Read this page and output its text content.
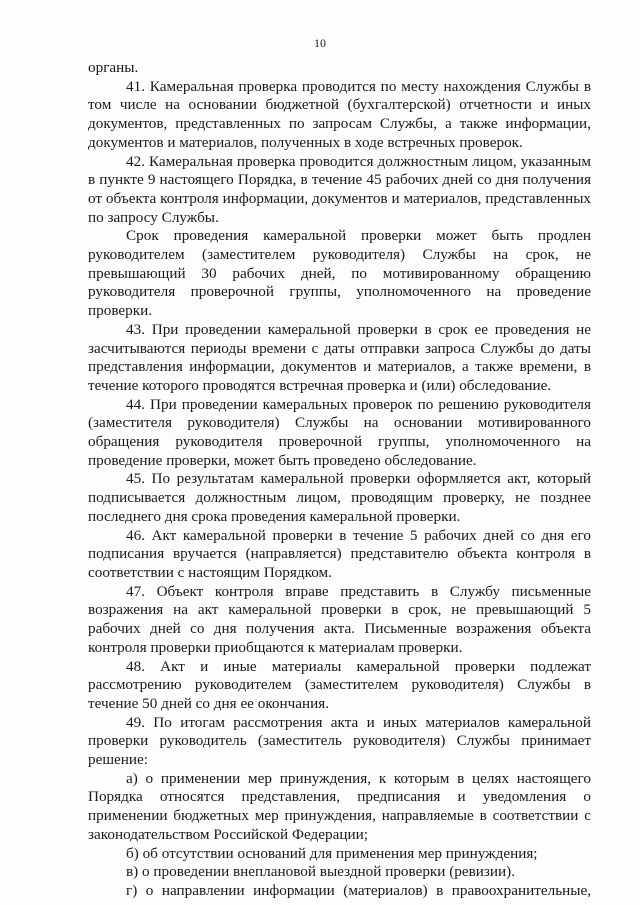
10

органы.

41. Камеральная проверка проводится по месту нахождения Службы в том числе на основании бюджетной (бухгалтерской) отчетности и иных документов, представленных по запросам Службы, а также информации, документов и материалов, полученных в ходе встречных проверок.

42. Камеральная проверка проводится должностным лицом, указанным в пункте 9 настоящего Порядка, в течение 45 рабочих дней со дня получения от объекта контроля информации, документов и материалов, представленных по запросу Службы.

Срок проведения камеральной проверки может быть продлен руководителем (заместителем руководителя) Службы на срок, не превышающий 30 рабочих дней, по мотивированному обращению руководителя проверочной группы, уполномоченного на проведение проверки.

43. При проведении камеральной проверки в срок ее проведения не засчитываются периоды времени с даты отправки запроса Службы до даты представления информации, документов и материалов, а также времени, в течение которого проводятся встречная проверка и (или) обследование.

44. При проведении камеральных проверок по решению руководителя (заместителя руководителя) Службы на основании мотивированного обращения руководителя проверочной группы, уполномоченного на проведение проверки, может быть проведено обследование.

45. По результатам камеральной проверки оформляется акт, который подписывается должностным лицом, проводящим проверку, не позднее последнего дня срока проведения камеральной проверки.

46. Акт камеральной проверки в течение 5 рабочих дней со дня его подписания вручается (направляется) представителю объекта контроля в соответствии с настоящим Порядком.

47. Объект контроля вправе представить в Службу письменные возражения на акт камеральной проверки в срок, не превышающий 5 рабочих дней со дня получения акта. Письменные возражения объекта контроля проверки приобщаются к материалам проверки.

48. Акт и иные материалы камеральной проверки подлежат рассмотрению руководителем (заместителем руководителя) Службы в течение 50 дней со дня ее окончания.

49. По итогам рассмотрения акта и иных материалов камеральной проверки руководитель (заместитель руководителя) Службы принимает решение:

а) о применении мер принуждения, к которым в целях настоящего Порядка относятся представления, предписания и уведомления о применении бюджетных мер принуждения, направляемые в соответствии с законодательством Российской Федерации;

б) об отсутствии оснований для применения мер принуждения;

в) о проведении внеплановой выездной проверки (ревизии).

г) о направлении информации (материалов) в правоохранительные,
